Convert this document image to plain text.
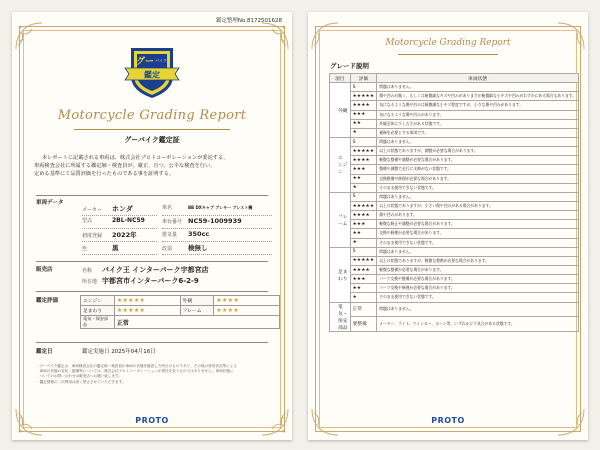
鑑定整理No.8172501628
グー バイク
鑑定
Motorcycle Grading Report
グーバイク鑑定証
本レポートに記載される車両は、株式会社プロトコーポレーションが委託する、
車両検査会社に所属する鑑定師・検査員が、厳正、且つ、公平な検査を行い、
定める基準にて品質評価を行ったものである事を証明する。
車両データ
メーカー ホンダ	車名	BB DXキャブ ブレキー ブレスト機
型式	2BL-NC59	車台番号 NC59-1009939
初度登録 2022年	排気量 350cc
色	黒	改造 検無し
販売店	名称 バイク王 インターパーク宇都宮店
所在地 宇都宮市インターパーク6-2-9
鑑定評価	エンジン	★★★★★	外観	★★★★
足まわり	★★★★★	フレーム	★★★★
電気・保安部品	正常		
鑑定日	鑑定実施日 2025年04月16日
・グーバイク鑑定は、車両検査会社の鑑定師・検査員が車両の状態を確認した時点のものであり、その後の使用状況等による
　車両の状態の変化・損傷等については、株式会社プロトコーポレーションが責任を負うものではありません。車両状態に
　ついてのお問い合わせは販売店へお願い致します。
・鑑定情報の二次利用は固く禁止させていただきます。
PROTO
Motorcycle Grading Report
グレード説明
項目	評価	車両状態
外観	S	問題はありません。
	★★★★★	傷や凹みが無く、もしくは極微細なキズや凹みがありますが極微細な小キズや凹みがわずかにある場合もあります。
	★★★★	気になるような傷や凹みは極微細な小キズ程度ですが、小さな傷や凹みがあります。
	★★★	気になるような傷や凹みがあります。
	★★	外観全体に少し古さがある状態です。
	★	補修を必要とする車両です。
エンジン	S	問題はありません。
	★★★★★	以上の状態でありますが、調整が必要な場合があります。
	★★★★	軽微な整備や調整が必要な場合があります。
	★★★	整備や調整で走行に支障がない状態です。
	★★	交換整備や修理が必要な場合があります。
	★	そのまま使用できない状態です。
フレーム	S	問題はありません。
	★★★★★	以上の状態でありますが、小さい傷や凹みがある場合があります。
	★★★★	傷や凹みがあります。
	★★★	軽微な修正や調整が必要な場合があります。
	★★	交換や修理が必要な場合があります。
	★	そのまま使用できない状態です。
足まわり	S	問題はありません。
	★★★★★	以上の状態でありますが、軽微な整備が必要な場合があります。
	★★★★	軽微な整備が必要な場合があります。
	★★★	パーツ交換や整備が必要な場合があります。
	★★	パーツ交換や修理が必要な場合があります。
	★	そのまま使用できない状態です。
電気・保安部品	正常	問題はありません。
	要整備	メーター、ライト、ウインカー、ホーン等、いずれかに不具合がある状態です。
PROTO
